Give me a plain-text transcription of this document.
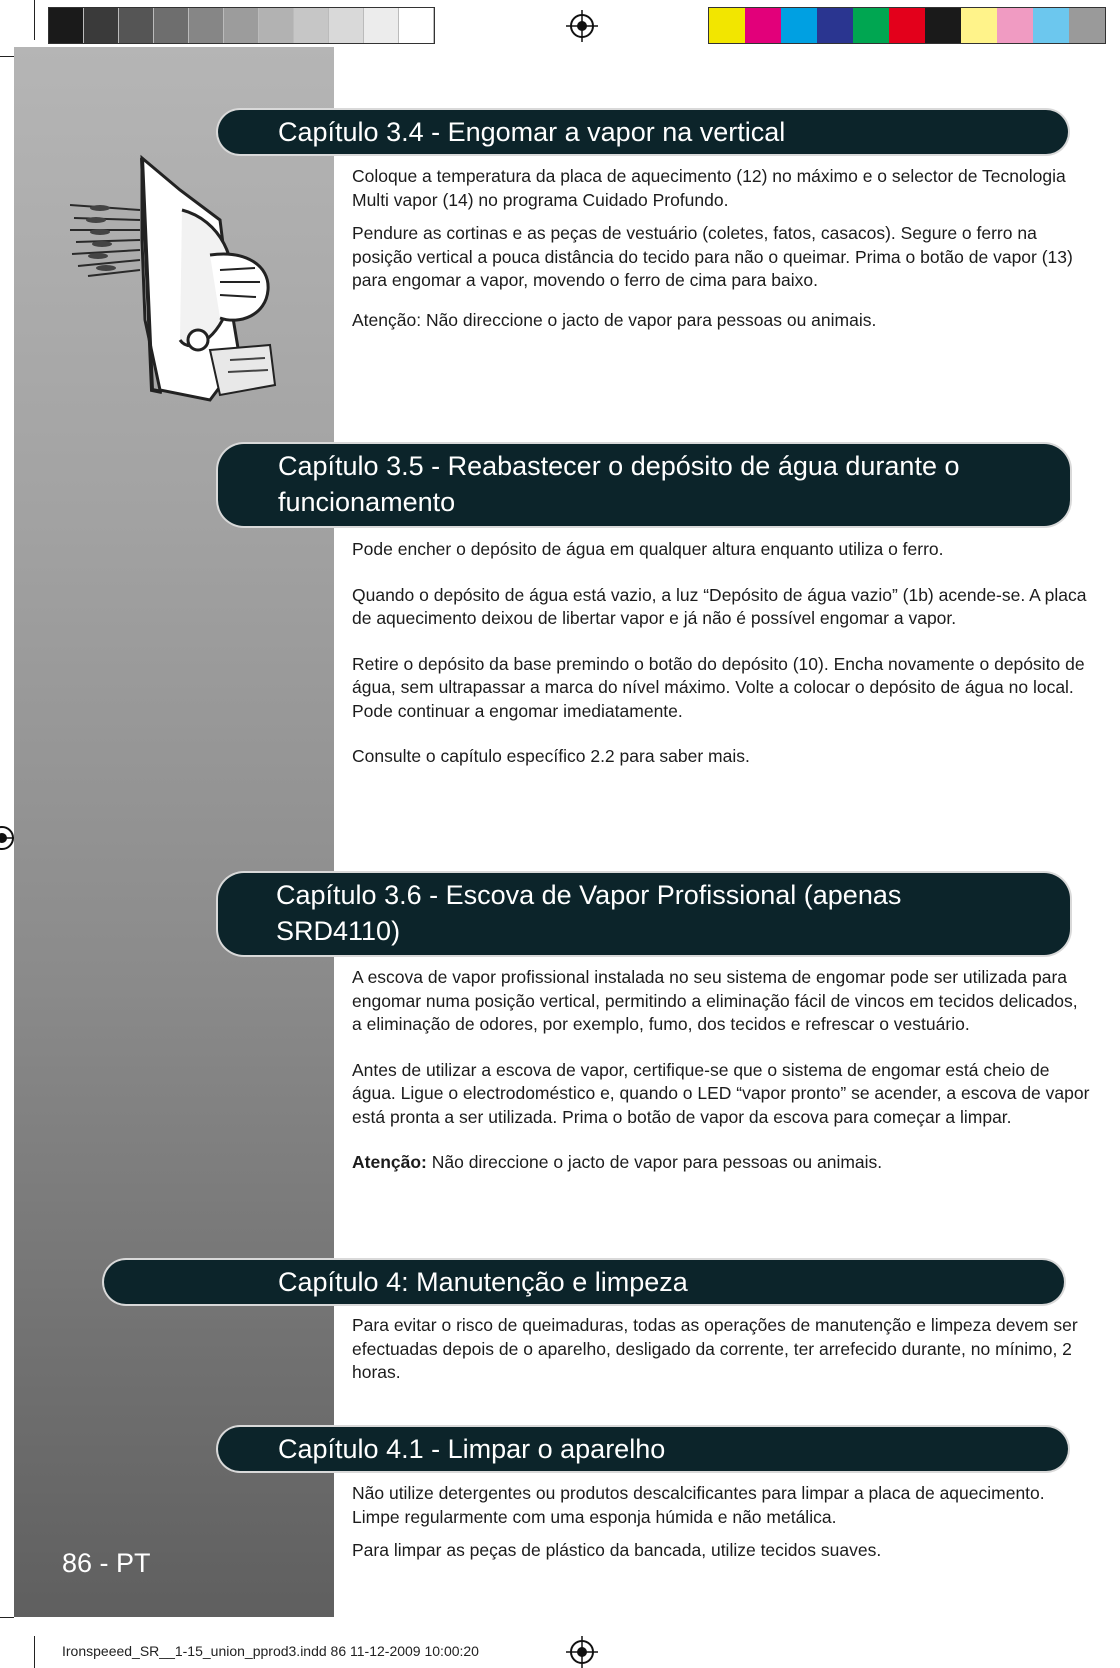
Capítulo 3.4 - Engomar a vapor na vertical

Coloque a temperatura da placa de aquecimento (12) no máximo e o selector de Tecnologia Multi vapor (14) no programa Cuidado Profundo.

Pendure as cortinas e as peças de vestuário (coletes, fatos, casacos). Segure o ferro na posição vertical a pouca distância do tecido para não o queimar. Prima o botão de vapor (13) para engomar a vapor, movendo o ferro de cima para baixo.

Atenção: Não direccione o jacto de vapor para pessoas ou animais.

Capítulo 3.5 - Reabastecer o depósito de água durante o funcionamento

Pode encher o depósito de água em qualquer altura enquanto utiliza o ferro.

Quando o depósito de água está vazio, a luz “Depósito de água vazio” (1b) acende-se. A placa de aquecimento deixou de libertar vapor e já não é possível engomar a vapor.

Retire o depósito da base premindo o botão do depósito (10). Encha novamente o depósito de água, sem ultrapassar a marca do nível máximo. Volte a colocar o depósito de água no local. Pode continuar a engomar imediatamente.

Consulte o capítulo específico 2.2 para saber mais.

Capítulo 3.6 - Escova de Vapor Profissional (apenas SRD4110)

A escova de vapor profissional instalada no seu sistema de engomar pode ser utilizada para engomar numa posição vertical, permitindo a eliminação fácil de vincos em tecidos delicados, a eliminação de odores, por exemplo, fumo, dos tecidos e refrescar o vestuário.

Antes de utilizar a escova de vapor, certifique-se que o sistema de engomar está cheio de água. Ligue o electrodoméstico e, quando o LED “vapor pronto” se acender, a escova de vapor está pronta a ser utilizada. Prima o botão de vapor da escova para começar a limpar.

Atenção: Não direccione o jacto de vapor para pessoas ou animais.

Capítulo 4: Manutenção e limpeza

Para evitar o risco de queimaduras, todas as operações de manutenção e limpeza devem ser efectuadas depois de o aparelho, desligado da corrente, ter arrefecido durante, no mínimo, 2 horas.

Capítulo 4.1 - Limpar o aparelho

Não utilize detergentes ou produtos descalcificantes para limpar a placa de aquecimento. Limpe regularmente com uma esponja húmida e não metálica.

Para limpar as peças de plástico da bancada, utilize tecidos suaves.

86 - PT
Ironspeeed_SR__1-15_union_pprod3.indd 86 11-12-2009 10:00:20
